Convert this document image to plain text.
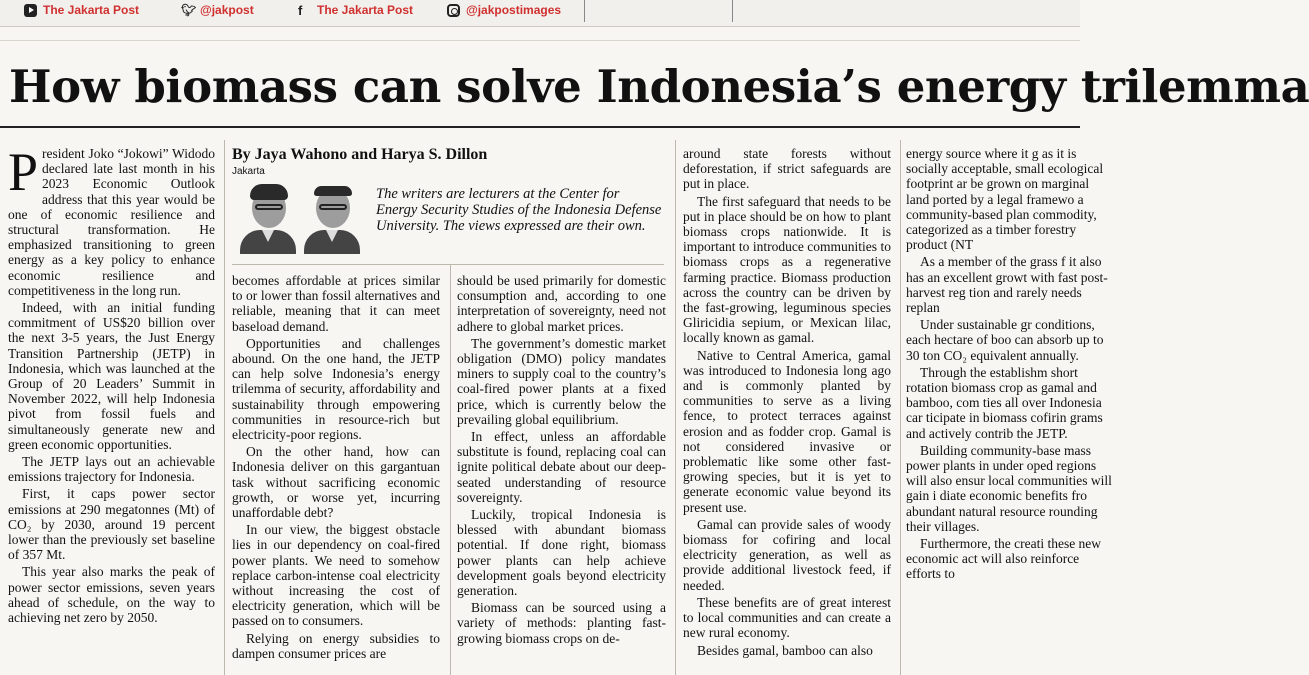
The Jakarta Post	🐦︎ @jakpost	f	The Jakarta Post	@jakpostimages
How biomass can solve Indonesia’s energy trilemma
By Jaya Wahono and Harya S. Dillon
Jakarta
The writers are lecturers at the Center for Energy Security Studies of the Indonesia Defense University. The views expressed are their own.

President Joko “Jokowi” Widodo declared late last month in his 2023 Economic Outlook address that this year would be one of economic resilience and structural transformation. He emphasized transitioning to green energy as a key policy to enhance economic resilience and competitiveness in the long run.

Indeed, with an initial funding commitment of US$20 billion over the next 3-5 years, the Just Energy Transition Partnership (JETP) in Indonesia, which was launched at the Group of 20 Leaders’ Summit in November 2022, will help Indonesia pivot from fossil fuels and simultaneously generate new and green economic opportunities.

The JETP lays out an achievable emissions trajectory for Indonesia.

First, it caps power sector emissions at 290 megatonnes (Mt) of CO₂ by 2030, around 19 percent lower than the previously set baseline of 357 Mt.

This year also marks the peak of power sector emissions, seven years ahead of schedule, on the way to achieving net zero by 2050.

becomes affordable at prices similar to or lower than fossil alternatives and reliable, meaning that it can meet baseload demand.

Opportunities and challenges abound. On the one hand, the JETP can help solve Indonesia’s energy trilemma of security, affordability and sustainability through empowering communities in resource-rich but electricity-poor regions.

On the other hand, how can Indonesia deliver on this gargantuan task without sacrificing economic growth, or worse yet, incurring unaffordable debt?

In our view, the biggest obstacle lies in our dependency on coal-fired power plants. We need to somehow replace carbon-intense coal electricity without increasing the cost of electricity generation, which will be passed on to consumers.

Relying on energy subsidies to dampen consumer prices are

should be used primarily for domestic consumption and, according to one interpretation of sovereignty, need not adhere to global market prices.

The government’s domestic market obligation (DMO) policy mandates miners to supply coal to the country’s coal-fired power plants at a fixed price, which is currently below the prevailing global equilibrium.

In effect, unless an affordable substitute is found, replacing coal can ignite political debate about our deep-seated understanding of resource sovereignty.

Luckily, tropical Indonesia is blessed with abundant biomass potential. If done right, biomass power plants can help achieve development goals beyond electricity generation.

Biomass can be sourced using a variety of methods: planting fast-growing biomass crops on de-

around state forests without deforestation, if strict safeguards are put in place.

The first safeguard that needs to be put in place should be on how to plant biomass crops nationwide. It is important to introduce communities to biomass crops as a regenerative farming practice. Biomass production across the country can be driven by the fast-growing, leguminous species Gliricidia sepium, or Mexican lilac, locally known as gamal.

Native to Central America, gamal was introduced to Indonesia long ago and is commonly planted by communities to serve as a living fence, to protect terraces against erosion and as fodder crop. Gamal is not considered invasive or problematic like some other fast-growing species, but it is yet to generate economic value beyond its present use.

Gamal can provide sales of woody biomass for cofiring and local electricity generation, as well as provide additional livestock feed, if needed.

These benefits are of great interest to local communities and can create a new rural economy.

Besides gamal, bamboo can also

energy source where it g as it is socially acceptable, small ecological footprint ar be grown on marginal land ported by a legal framewo a community-based plan commodity, categorized as a timber forestry product (NT

As a member of the grass f it also has an excellent growt with fast post-harvest reg tion and rarely needs replan

Under sustainable gr conditions, each hectare of boo can absorb up to 30 ton CO₂ equivalent annually.

Through the establishm short rotation biomass crop as gamal and bamboo, com ties all over Indonesia car ticipate in biomass cofirin grams and actively contrib the JETP.

Building community-base mass power plants in under oped regions will also ensur local communities will gain i diate economic benefits fro abundant natural resource rounding their villages.

Furthermore, the creati these new economic act will also reinforce efforts to
